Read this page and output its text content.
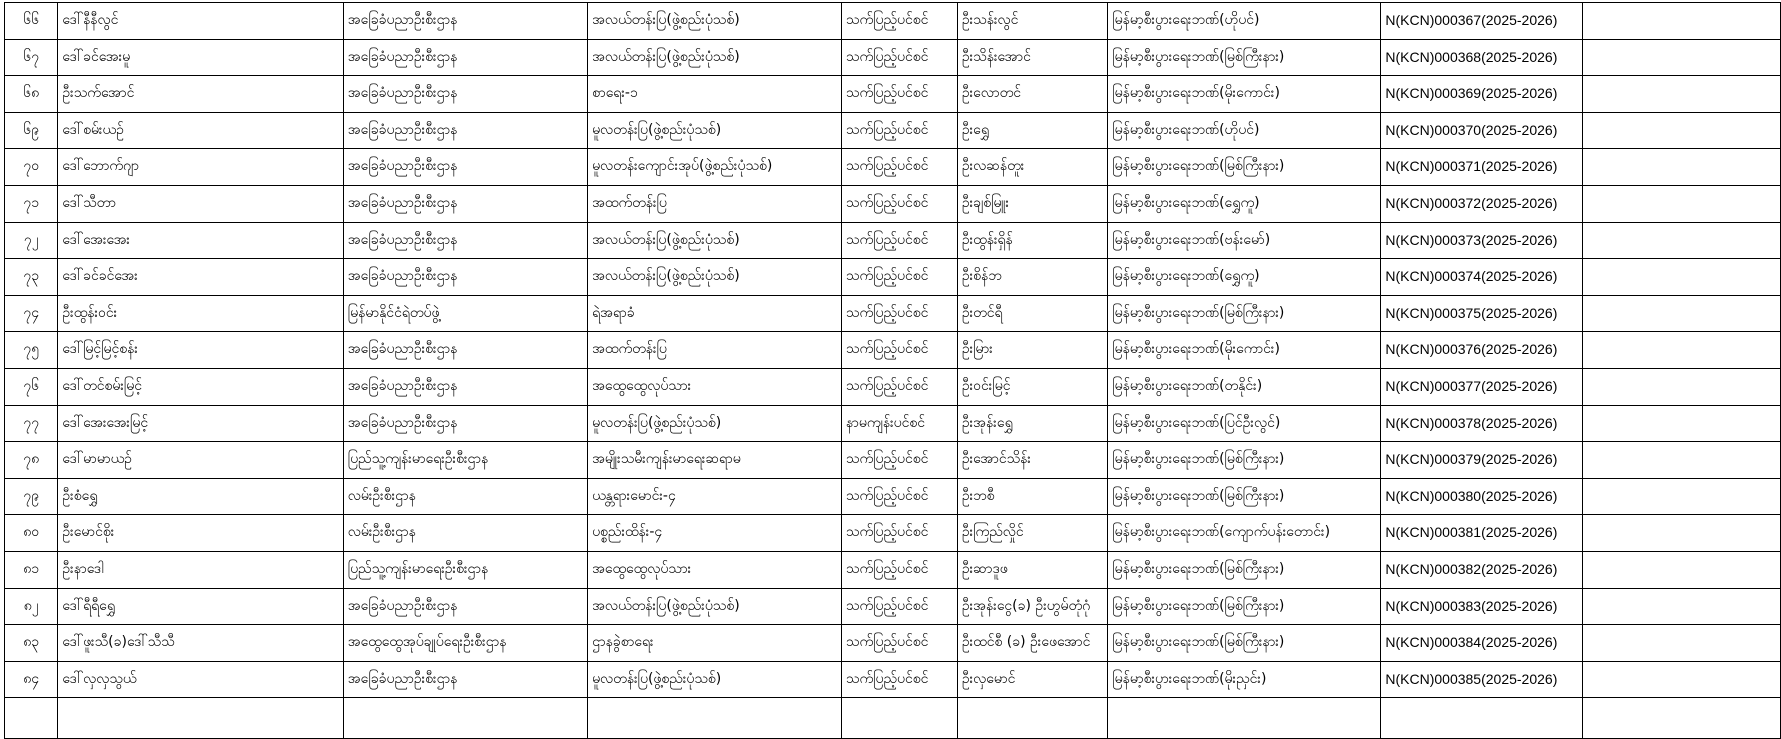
၆၆	ဒေါ်နီနီလွင်	အခြေခံပညာဦးစီးဌာန	အလယ်တန်းပြ(ဖွဲ့စည်းပုံသစ်)	သက်ပြည့်ပင်စင်	ဦးသန်းလွင်	မြန်မာ့စီးပွားရေးဘဏ်(ဟိုပင်)	N(KCN)000367(2025-2026)	
၆၇	ဒေါ်ခင်အေးမူ	အခြေခံပညာဦးစီးဌာန	အလယ်တန်းပြ(ဖွဲ့စည်းပုံသစ်)	သက်ပြည့်ပင်စင်	ဦးသိန်းအောင်	မြန်မာ့စီးပွားရေးဘဏ်(မြစ်ကြီးနား)	N(KCN)000368(2025-2026)	
၆၈	ဦးသက်အောင်	အခြေခံပညာဦးစီးဌာန	စာရေး-၁	သက်ပြည့်ပင်စင်	ဦးလောတင်	မြန်မာ့စီးပွားရေးဘဏ်(မိုးကောင်း)	N(KCN)000369(2025-2026)	
၆၉	ဒေါ်စမ်းယဉ်	အခြေခံပညာဦးစီးဌာန	မူလတန်းပြ(ဖွဲ့စည်းပုံသစ်)	သက်ပြည့်ပင်စင်	ဦးရွှေ	မြန်မာ့စီးပွားရေးဘဏ်(ဟိုပင်)	N(KCN)000370(2025-2026)	
၇၀	ဒေါ်ဘောက်ဂျာ	အခြေခံပညာဦးစီးဌာန	မူလတန်းကျောင်းအုပ်(ဖွဲ့စည်းပုံသစ်)	သက်ပြည့်ပင်စင်	ဦးလဆန်တူး	မြန်မာ့စီးပွားရေးဘဏ်(မြစ်ကြီးနား)	N(KCN)000371(2025-2026)	
၇၁	ဒေါ်သီတာ	အခြေခံပညာဦးစီးဌာန	အထက်တန်းပြ	သက်ပြည့်ပင်စင်	ဦးချစ်မြူး	မြန်မာ့စီးပွားရေးဘဏ်(ရွှေကူ)	N(KCN)000372(2025-2026)	
၇၂	ဒေါ်အေးအေး	အခြေခံပညာဦးစီးဌာန	အလယ်တန်းပြ(ဖွဲ့စည်းပုံသစ်)	သက်ပြည့်ပင်စင်	ဦးထွန်းရှိန်	မြန်မာ့စီးပွားရေးဘဏ်(ဗန်းမော်)	N(KCN)000373(2025-2026)	
၇၃	ဒေါ်ခင်ခင်အေး	အခြေခံပညာဦးစီးဌာန	အလယ်တန်းပြ(ဖွဲ့စည်းပုံသစ်)	သက်ပြည့်ပင်စင်	ဦးစိန်ဘ	မြန်မာ့စီးပွားရေးဘဏ်(ရွှေကူ)	N(KCN)000374(2025-2026)	
၇၄	ဦးထွန်းဝင်း	မြန်မာနိုင်ငံရဲတပ်ဖွဲ့	ရဲအရာခံ	သက်ပြည့်ပင်စင်	ဦးတင်ရီ	မြန်မာ့စီးပွားရေးဘဏ်(မြစ်ကြီးနား)	N(KCN)000375(2025-2026)	
၇၅	ဒေါ်မြင့်မြင့်စန်း	အခြေခံပညာဦးစီးဌာန	အထက်တန်းပြ	သက်ပြည့်ပင်စင်	ဦးမြား	မြန်မာ့စီးပွားရေးဘဏ်(မိုးကောင်း)	N(KCN)000376(2025-2026)	
၇၆	ဒေါ်တင်စမ်းမြင့်	အခြေခံပညာဦးစီးဌာန	အထွေထွေလုပ်သား	သက်ပြည့်ပင်စင်	ဦးဝင်းမြင့်	မြန်မာ့စီးပွားရေးဘဏ်(တနိုင်း)	N(KCN)000377(2025-2026)	
၇၇	ဒေါ်အေးအေးမြင့်	အခြေခံပညာဦးစီးဌာန	မူလတန်းပြ(ဖွဲ့စည်းပုံသစ်)	နာမကျန်းပင်စင်	ဦးအုန်းရွှေ	မြန်မာ့စီးပွားရေးဘဏ်(ပြင်ဦးလွင်)	N(KCN)000378(2025-2026)	
၇၈	ဒေါ်မာမာယဉ်	ပြည်သူ့ကျန်းမာရေးဦးစီးဌာန	အမျိုးသမီးကျန်းမာရေးဆရာမ	သက်ပြည့်ပင်စင်	ဦးအောင်သိန်း	မြန်မာ့စီးပွားရေးဘဏ်(မြစ်ကြီးနား)	N(KCN)000379(2025-2026)	
၇၉	ဦးစံရွှေ	လမ်းဦးစီးဌာန	ယန္တရားမောင်း-၄	သက်ပြည့်ပင်စင်	ဦးဘစီ	မြန်မာ့စီးပွားရေးဘဏ်(မြစ်ကြီးနား)	N(KCN)000380(2025-2026)	
၈၀	ဦးမောင်စိုး	လမ်းဦးစီးဌာန	ပစ္စည်းထိန်း-၄	သက်ပြည့်ပင်စင်	ဦးကြည်လှိုင်	မြန်မာ့စီးပွားရေးဘဏ်(ကျောက်ပန်းတောင်း)	N(KCN)000381(2025-2026)	
၈၁	ဦးနာဒေါ	ပြည်သူ့ကျန်းမာရေးဦးစီးဌာန	အထွေထွေလုပ်သား	သက်ပြည့်ပင်စင်	ဦးဆာဒူဖ	မြန်မာ့စီးပွားရေးဘဏ်(မြစ်ကြီးနား)	N(KCN)000382(2025-2026)	
၈၂	ဒေါ်ရီရီရွှေ	အခြေခံပညာဦးစီးဌာန	အလယ်တန်းပြ(ဖွဲ့စည်းပုံသစ်)	သက်ပြည့်ပင်စင်	ဦးအုန်းငွေ(ခ) ဦးဟွမ်တုံဂုံ	မြန်မာ့စီးပွားရေးဘဏ်(မြစ်ကြီးနား)	N(KCN)000383(2025-2026)	
၈၃	ဒေါ်ဖူးသီ(ခ)ဒေါ်သီသီ	အထွေထွေအုပ်ချုပ်ရေးဦးစီးဌာန	ဌာနခွဲစာရေး	သက်ပြည့်ပင်စင်	ဦးထင်စီ (ခ) ဦးဖေအောင်	မြန်မာ့စီးပွားရေးဘဏ်(မြစ်ကြီးနား)	N(KCN)000384(2025-2026)	
၈၄	ဒေါ်လှလှသွယ်	အခြေခံပညာဦးစီးဌာန	မူလတန်းပြ(ဖွဲ့စည်းပုံသစ်)	သက်ပြည့်ပင်စင်	ဦးလှမောင်	မြန်မာ့စီးပွားရေးဘဏ်(မိုးညှင်း)	N(KCN)000385(2025-2026)	
